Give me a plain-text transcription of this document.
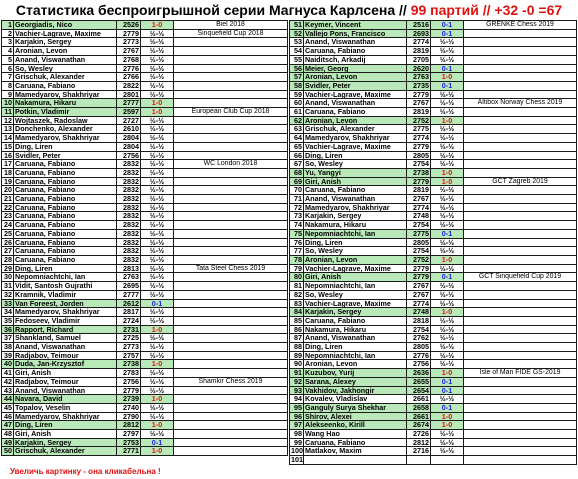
Статистика беспроигрышной серии Магнуса Карлсена // 99 партий // +32 -0 =67
1	Georgiadis, Nico	2526	1-0	Biel 2018
2	Vachier-Lagrave, Maxime	2779	½-½	Sinquefield Cup 2018
3	Karjakin, Sergey	2773	½-½	
4	Aronian, Levon	2767	½-½	
5	Anand, Viswanathan	2768	½-½	
6	So, Wesley	2776	½-½	
7	Grischuk, Alexander	2766	½-½	
8	Caruana, Fabiano	2822	½-½	
9	Mamedyarov, Shakhriyar	2801	½-½	
10	Nakamura, Hikaru	2777	1-0	
11	Potkin, Vladimir	2597	1-0	European Club Cup 2018
12	Wojtaszek, Radoslaw	2727	½-½	
13	Donchenko, Alexander	2610	½-½	
14	Mamedyarov, Shakhriyar	2804	½-½	
15	Ding, Liren	2804	½-½	
16	Svidler, Peter	2756	½-½	
17	Caruana, Fabiano	2832	½-½	WC London 2018
18	Caruana, Fabiano	2832	½-½	
19	Caruana, Fabiano	2832	½-½	
20	Caruana, Fabiano	2832	½-½	
21	Caruana, Fabiano	2832	½-½	
22	Caruana, Fabiano	2832	½-½	
23	Caruana, Fabiano	2832	½-½	
24	Caruana, Fabiano	2832	½-½	
25	Caruana, Fabiano	2832	½-½	
26	Caruana, Fabiano	2832	½-½	
27	Caruana, Fabiano	2832	½-½	
28	Caruana, Fabiano	2832	½-½	
29	Ding, Liren	2813	½-½	Tata Steel Chess 2019
30	Nepomniachtchi, Ian	2763	½-½	
31	Vidit, Santosh Gujrathi	2695	½-½	
32	Kramnik, Vladimir	2777	½-½	
33	Van Foreest, Jorden	2612	0-1	
34	Mamedyarov, Shakhriyar	2817	½-½	
35	Fedoseev, Vladimir	2724	½-½	
36	Rapport, Richard	2731	1-0	
37	Shankland, Samuel	2725	½-½	
38	Anand, Viswanathan	2773	½-½	
39	Radjabov, Teimour	2757	½-½	
40	Duda, Jan-Krzysztof	2738	1-0	
41	Giri, Anish	2783	½-½	
42	Radjabov, Teimour	2756	½-½	Shamkir Chess 2019
43	Anand, Viswanathan	2779	½-½	
44	Navara, David	2739	1-0	
45	Topalov, Veselin	2740	½-½	
46	Mamedyarov, Shakhriyar	2790	½-½	
47	Ding, Liren	2812	1-0	
48	Giri, Anish	2797	½-½	
49	Karjakin, Sergey	2753	0-1	
50	Grischuk, Alexander	2771	1-0	
51	Keymer, Vincent	2516	0-1	GRENKE Chess 2019
52	Vallejo Pons, Francisco	2693	0-1	
53	Anand, Viswanathan	2774	½-½	
54	Caruana, Fabiano	2819	½-½	
55	Naiditsch, Arkadij	2705	½-½	
56	Meier, Georg	2620	0-1	
57	Aronian, Levon	2763	1-0	
58	Svidler, Peter	2735	0-1	
59	Vachier-Lagrave, Maxime	2779	½-½	
60	Anand, Viswanathan	2767	½-½	Altibox Norway Chess 2019
61	Caruana, Fabiano	2819	½-½	
62	Aronian, Levon	2752	1-0	
63	Grischuk, Alexander	2775	½-½	
64	Mamedyarov, Shakhriyar	2774	½-½	
65	Vachier-Lagrave, Maxime	2779	½-½	
66	Ding, Liren	2805	½-½	
67	So, Wesley	2754	½-½	
68	Yu, Yangyi	2738	1-0	
69	Giri, Anish	2779	1-0	GCT Zagreb 2019
70	Caruana, Fabiano	2819	½-½	
71	Anand, Viswanathan	2767	½-½	
72	Mamedyarov, Shakhriyar	2774	½-½	
73	Karjakin, Sergey	2748	½-½	
74	Nakamura, Hikaru	2754	½-½	
75	Nepomniachtchi, Ian	2775	0-1	
76	Ding, Liren	2805	½-½	
77	So, Wesley	2754	½-½	
78	Aronian, Levon	2752	1-0	
79	Vachier-Lagrave, Maxime	2779	½-½	
80	Giri, Anish	2779	0-1	GCT Sinquefield Cup 2019
81	Nepomniachtchi, Ian	2767	½-½	
82	So, Wesley	2767	½-½	
83	Vachier-Lagrave, Maxime	2774	½-½	
84	Karjakin, Sergey	2748	1-0	
85	Caruana, Fabiano	2818	½-½	
86	Nakamura, Hikaru	2754	½-½	
87	Anand, Viswanathan	2762	½-½	
88	Ding, Liren	2805	½-½	
89	Nepomniachtchi, Ian	2776	½-½	
90	Aronian, Levon	2756	½-½	
91	Kuzubov, Yurij	2636	1-0	Isle of Man FIDE GS-2019
92	Sarana, Alexey	2655	0-1	
93	Vakhidov, Jakhongir	2654	0-1	
94	Kovalev, Vladislav	2661	½-½	
95	Ganguly Surya Shekhar	2658	0-1	
96	Shirov, Alexei	2661	1-0	
97	Alekseenko, Kirill	2674	1-0	
98	Wang Hao	2726	½-½	
99	Caruana, Fabiano	2812	½-½	
100	Matlakov, Maxim	2716	½-½	
101				
Увеличь картинку - она кликабельна !
